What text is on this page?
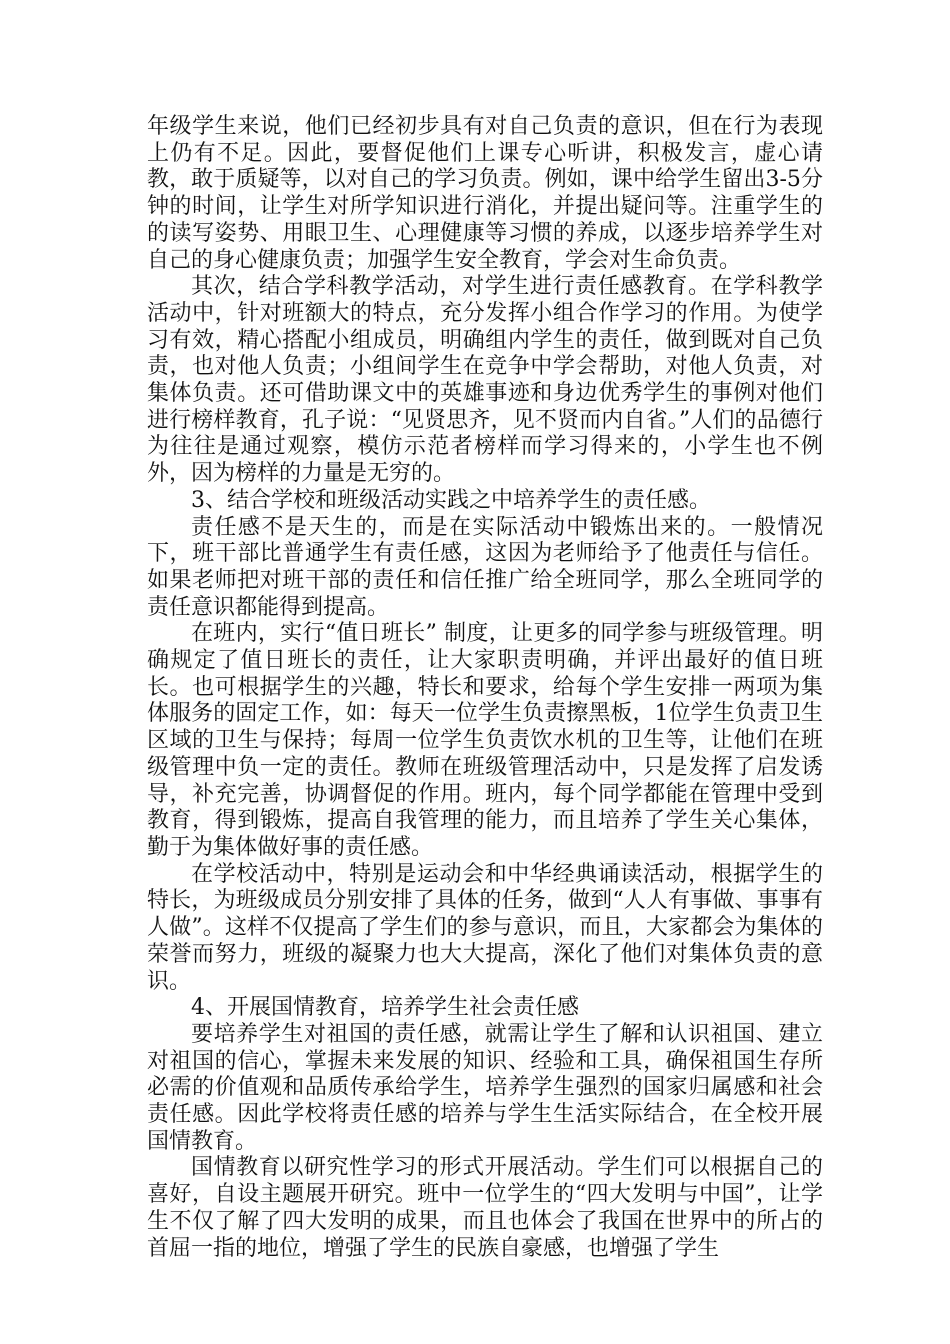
年级学生来说，他们已经初步具有对自己负责的意识，但在行为表现上仍有不足。因此，要督促他们上课专心听讲，积极发言，虚心请教，敢于质疑等，以对自己的学习负责。例如，课中给学生留出3-5分钟的时间，让学生对所学知识进行消化，并提出疑问等。注重学生的的读写姿势、用眼卫生、心理健康等习惯的养成，以逐步培养学生对自己的身心健康负责；加强学生安全教育，学会对生命负责。

其次，结合学科教学活动，对学生进行责任感教育。在学科教学活动中，针对班额大的特点，充分发挥小组合作学习的作用。为使学习有效，精心搭配小组成员，明确组内学生的责任，做到既对自己负责，也对他人负责；小组间学生在竞争中学会帮助，对他人负责，对集体负责。还可借助课文中的英雄事迹和身边优秀学生的事例对他们进行榜样教育，孔子说：“见贤思齐，见不贤而内自省。”人们的品德行为往往是通过观察，模仿示范者榜样而学习得来的，小学生也不例外，因为榜样的力量是无穷的。

3、结合学校和班级活动实践之中培养学生的责任感。

责任感不是天生的，而是在实际活动中锻炼出来的。一般情况下，班干部比普通学生有责任感，这因为老师给予了他责任与信任。如果老师把对班干部的责任和信任推广给全班同学，那么全班同学的责任意识都能得到提高。

在班内，实行“值日班长” 制度，让更多的同学参与班级管理。明确规定了值日班长的责任，让大家职责明确，并评出最好的值日班长。也可根据学生的兴趣，特长和要求，给每个学生安排一两项为集体服务的固定工作，如：每天一位学生负责擦黑板，1位学生负责卫生区域的卫生与保持；每周一位学生负责饮水机的卫生等，让他们在班级管理中负一定的责任。教师在班级管理活动中，只是发挥了启发诱导，补充完善，协调督促的作用。班内，每个同学都能在管理中受到教育，得到锻炼，提高自我管理的能力，而且培养了学生关心集体，勤于为集体做好事的责任感。

在学校活动中，特别是运动会和中华经典诵读活动，根据学生的特长，为班级成员分别安排了具体的任务，做到“人人有事做、事事有人做”。这样不仅提高了学生们的参与意识，而且，大家都会为集体的荣誉而努力，班级的凝聚力也大大提高，深化了他们对集体负责的意识。

4、开展国情教育，培养学生社会责任感

要培养学生对祖国的责任感，就需让学生了解和认识祖国、建立对祖国的信心，掌握未来发展的知识、经验和工具，确保祖国生存所必需的价值观和品质传承给学生，培养学生强烈的国家归属感和社会责任感。因此学校将责任感的培养与学生生活实际结合，在全校开展国情教育。

国情教育以研究性学习的形式开展活动。学生们可以根据自己的喜好，自设主题展开研究。班中一位学生的“四大发明与中国”，让学生不仅了解了四大发明的成果，而且也体会了我国在世界中的所占的首屈一指的地位，增强了学生的民族自豪感，也增强了学生
